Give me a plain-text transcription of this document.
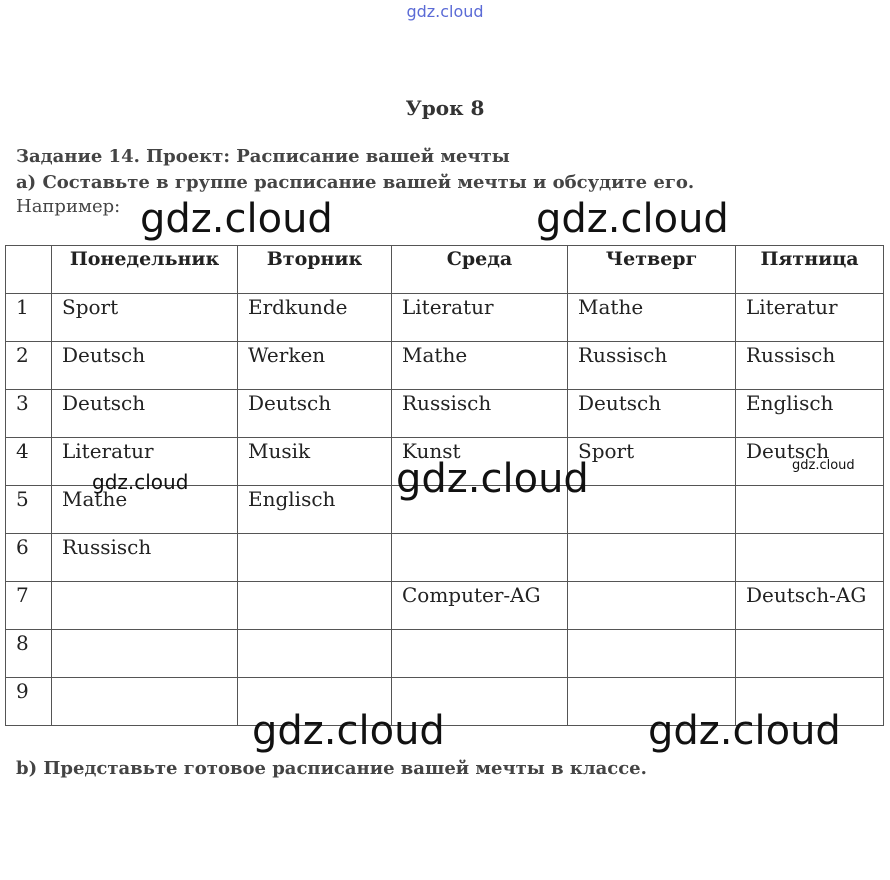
gdz.cloud
Урок 8
Задание 14. Проект: Расписание вашей мечты
а) Составьте в группе расписание вашей мечты и обсудите его.
Например:
	Понедельник	Вторник	Среда	Четверг	Пятница
1	Sport	Erdkunde	Literatur	Mathe	Literatur
2	Deutsch	Werken	Mathe	Russisch	Russisch
3	Deutsch	Deutsch	Russisch	Deutsch	Englisch
4	Literatur	Musik	Kunst	Sport	Deutsch
5	Mathe	Englisch			
6	Russisch				
7			Computer-AG		Deutsch-AG
8					
9					
b) Представьте готовое расписание вашей мечты в классе.
gdz.cloud	gdz.cloud
gdz.cloud
gdz.cloud	gdz.cloud
gdz.cloud
gdz.cloud
